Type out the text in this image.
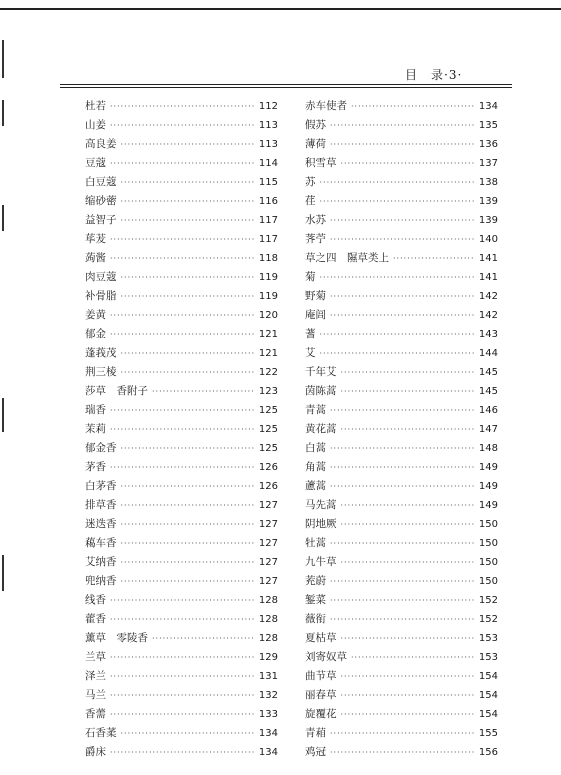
目　录·3·
杜若 ·····	112
山姜 ·····	113
高良姜 ·····	113
豆蔻 ·····	114
白豆蔻 ·····	115
缩砂蔤 ·····	116
益智子 ·····	117
荜茇 ·····	117
蒟酱 ·····	118
肉豆蔻 ·····	119
补骨脂 ·····	119
姜黄 ·····	120
郁金 ·····	121
蓬莪茂 ·····	121
荆三棱 ·····	122
莎草　香附子 ·····	123
瑞香 ·····	125
茉莉 ·····	125
郁金香 ·····	125
茅香 ·····	126
白茅香 ·····	126
排草香 ·····	127
迷迭香 ·····	127
藒车香 ·····	127
艾纳香 ·····	127
兜纳香 ·····	127
线香 ·····	128
藿香 ·····	128
薰草　零陵香 ·····	128
兰草 ·····	129
泽兰 ·····	131
马兰 ·····	132
香薷 ·····	133
石香葇 ·····	134
爵床 ·····	134
赤车使者 ·····	134
假苏 ·····	135
薄荷 ·····	136
积雪草 ·····	137
苏 ·····	138
荏 ·····	139
水苏 ·····	139
荠苧 ·····	140
草之四　隰草类上 ·····	141
菊 ·····	141
野菊 ·····	142
庵闾 ·····	142
蓍 ·····	143
艾 ·····	144
千年艾 ·····	145
茵陈蒿 ·····	145
青蒿 ·····	146
黄花蒿 ·····	147
白蒿 ·····	148
角蒿 ·····	149
藘蒿 ·····	149
马先蒿 ·····	149
阴地厥 ·····	150
牡蒿 ·····	150
九牛草 ·····	150
茺蔚 ·····	150
錾菜 ·····	152
薇衔 ·····	152
夏枯草 ·····	153
刘寄奴草 ·····	153
曲节草 ·····	154
丽春草 ·····	154
旋覆花 ·····	154
青葙 ·····	155
鸡冠 ·····	156
